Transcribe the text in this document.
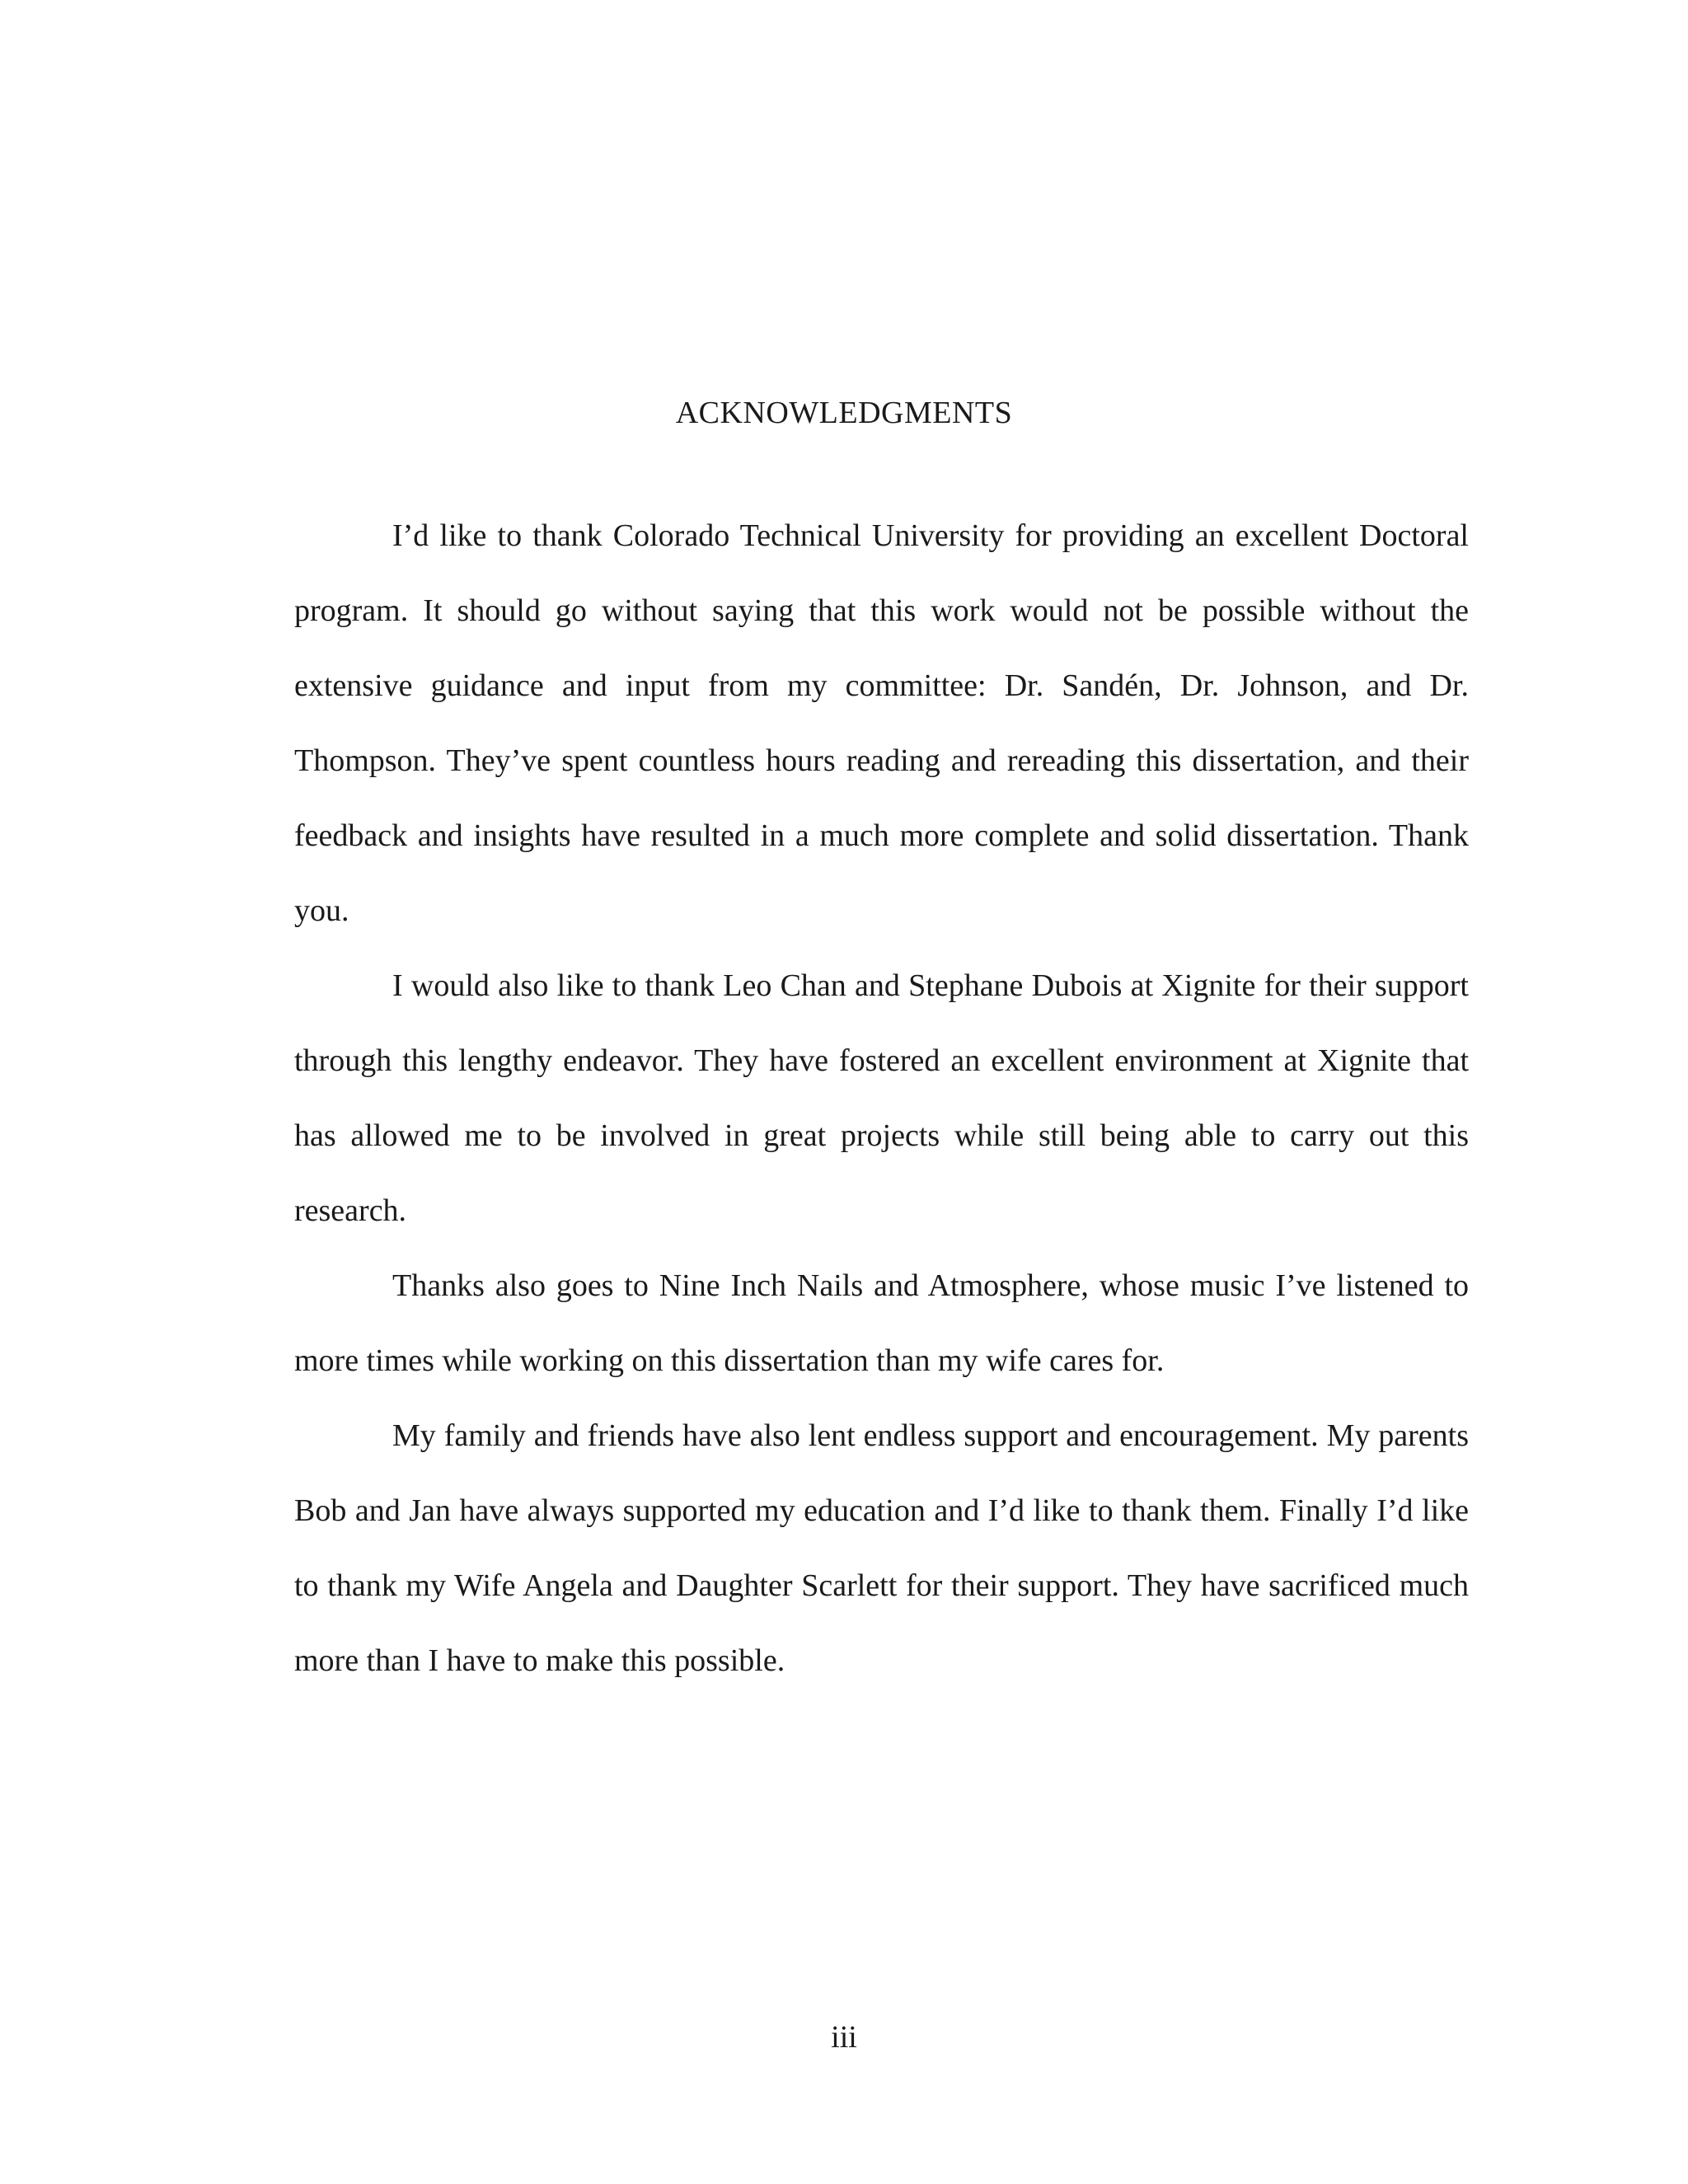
ACKNOWLEDGMENTS

I’d like to thank Colorado Technical University for providing an excellent Doctoral program. It should go without saying that this work would not be possible without the extensive guidance and input from my committee: Dr. Sandén, Dr. Johnson, and Dr. Thompson. They’ve spent countless hours reading and rereading this dissertation, and their feedback and insights have resulted in a much more complete and solid dissertation. Thank you.

I would also like to thank Leo Chan and Stephane Dubois at Xignite for their support through this lengthy endeavor. They have fostered an excellent environment at Xignite that has allowed me to be involved in great projects while still being able to carry out this research.

Thanks also goes to Nine Inch Nails and Atmosphere, whose music I’ve listened to more times while working on this dissertation than my wife cares for.

My family and friends have also lent endless support and encouragement. My parents Bob and Jan have always supported my education and I’d like to thank them. Finally I’d like to thank my Wife Angela and Daughter Scarlett for their support. They have sacrificed much more than I have to make this possible.

iii
